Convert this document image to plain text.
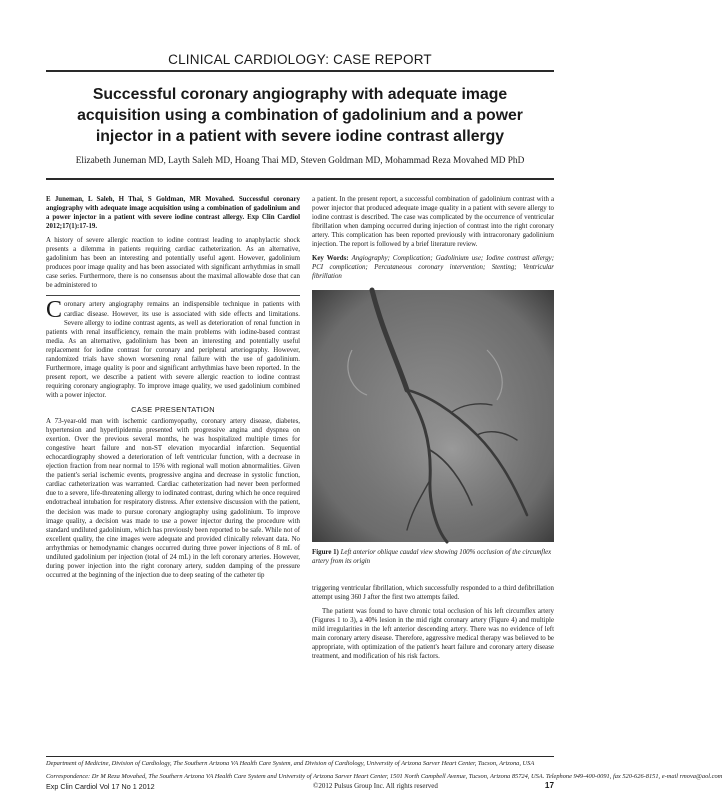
CLINICAL CARDIOLOGY: CASE REPORT
Successful coronary angiography with adequate image
acquisition using a combination of gadolinium and a power
injector in a patient with severe iodine contrast allergy
Elizabeth Juneman MD, Layth Saleh MD, Hoang Thai MD, Steven Goldman MD, Mohammad Reza Movahed MD PhD

E Juneman, L Saleh, H Thai, S Goldman, MR Movahed. Successful coronary angiography with adequate image acquisition using a combination of gadolinium and a power injector in a patient with severe iodine contrast allergy. Exp Clin Cardiol 2012;17(1):17-19.

A history of severe allergic reaction to iodine contrast leading to anaphylactic shock presents a dilemma in patients requiring cardiac catheterization. As an alternative, gadolinium has been an interesting and potentially useful agent. However, gadolinium produces poor image quality and has been associated with significant arrhythmias in small case series. Furthermore, there is no consensus about the maximal allowable dose that can be administered to

Coronary artery angiography remains an indispensible technique in patients with cardiac disease. However, its use is associated with side effects and limitations. Severe allergy to iodine contrast agents, as well as deterioration of renal function in patients with renal insufficiency, remain the main problems with iodine-based contrast media. As an alternative, gadolinium has been an interesting and potentially useful replacement for iodine contrast for coronary and peripheral arteriography. However, randomized trials have shown worsening renal failure with the use of gadolinium. Furthermore, image quality is poor and significant arrhythmias have been reported. In the present report, we describe a patient with severe allergic reaction to iodine contrast requiring coronary angiography. To improve image quality, we used gadolinium combined with a power injector.

CASE PRESENTATION

A 73-year-old man with ischemic cardiomyopathy, coronary artery disease, diabetes, hypertension and hyperlipidemia presented with progressive angina and dyspnea on exertion. Over the previous several months, he was hospitalized multiple times for congestive heart failure and non-ST elevation myocardial infarction. Sequential echocardiography showed a deterioration of left ventricular function, with a decrease in ejection fraction from near normal to 15% with regional wall motion abnormalities. Given the patient's serial ischemic events, progressive angina and decrease in systolic function, cardiac catheterization was warranted. Cardiac catheterization had never been performed due to a severe, life-threatening allergy to iodinated contrast, during which he once required endotracheal intubation for respiratory distress. After extensive discussion with the patient, the decision was made to pursue coronary angiography using gadolinium. To improve image quality, a decision was made to use a power injector during the procedure with standard undiluted gadolinium, which has previously been reported to be safe. While not of excellent quality, the cine images were adequate and provided clinically relevant data. No arrhythmias or hemodynamic changes occurred during three power injections of 8 mL of undiluted gadolinium per injection (total of 24 mL) in the left coronary arteries. However, during power injection into the right coronary artery, sudden damping of the pressure occurred at the beginning of the injection due to deep seating of the catheter tip

a patient. In the present report, a successful combination of gadolinium contrast with a power injector that produced adequate image quality in a patient with severe allergy to iodine contrast is described. The case was complicated by the occurrence of ventricular fibrillation when damping occurred during injection of contrast into the right coronary artery. This complication has been reported previously with intracoronary gadolinium injection. The report is followed by a brief literature review.

Key Words: Angiography; Complication; Gadolinium use; Iodine contrast allergy; PCI complication; Percutaneous coronary intervention; Stenting; Ventricular fibrillation

Figure 1) Left anterior oblique caudal view showing 100% occlusion of the circumflex artery from its origin

triggering ventricular fibrillation, which successfully responded to a third defibrillation attempt using 360 J after the first two attempts failed.

The patient was found to have chronic total occlusion of his left circumflex artery (Figures 1 to 3), a 40% lesion in the mid right coronary artery (Figure 4) and multiple mild irregularities in the left anterior descending artery. There was no evidence of left main coronary artery disease. Therefore, aggressive medical therapy was believed to be appropriate, with optimization of the patient's heart failure and coronary artery disease treatment, and modification of his risk factors.

Department of Medicine, Division of Cardiology, The Southern Arizona VA Health Care System, and Division of Cardiology, University of Arizona Sarver Heart Center, Tucson, Arizona, USA

Exp Clin Cardiol Vol 17 No 1 2012	©2012 Pulsus Group Inc. All rights reserved	17
Correspondence: Dr M Reza Movahed, The Southern Arizona VA Health Care System and University of Arizona Sarver Heart Center, 1501 North Campbell Avenue, Tucson, Arizona 85724, USA. Telephone 949-400-0091, fax 520-626-8151, e-mail rmova@aol.com
